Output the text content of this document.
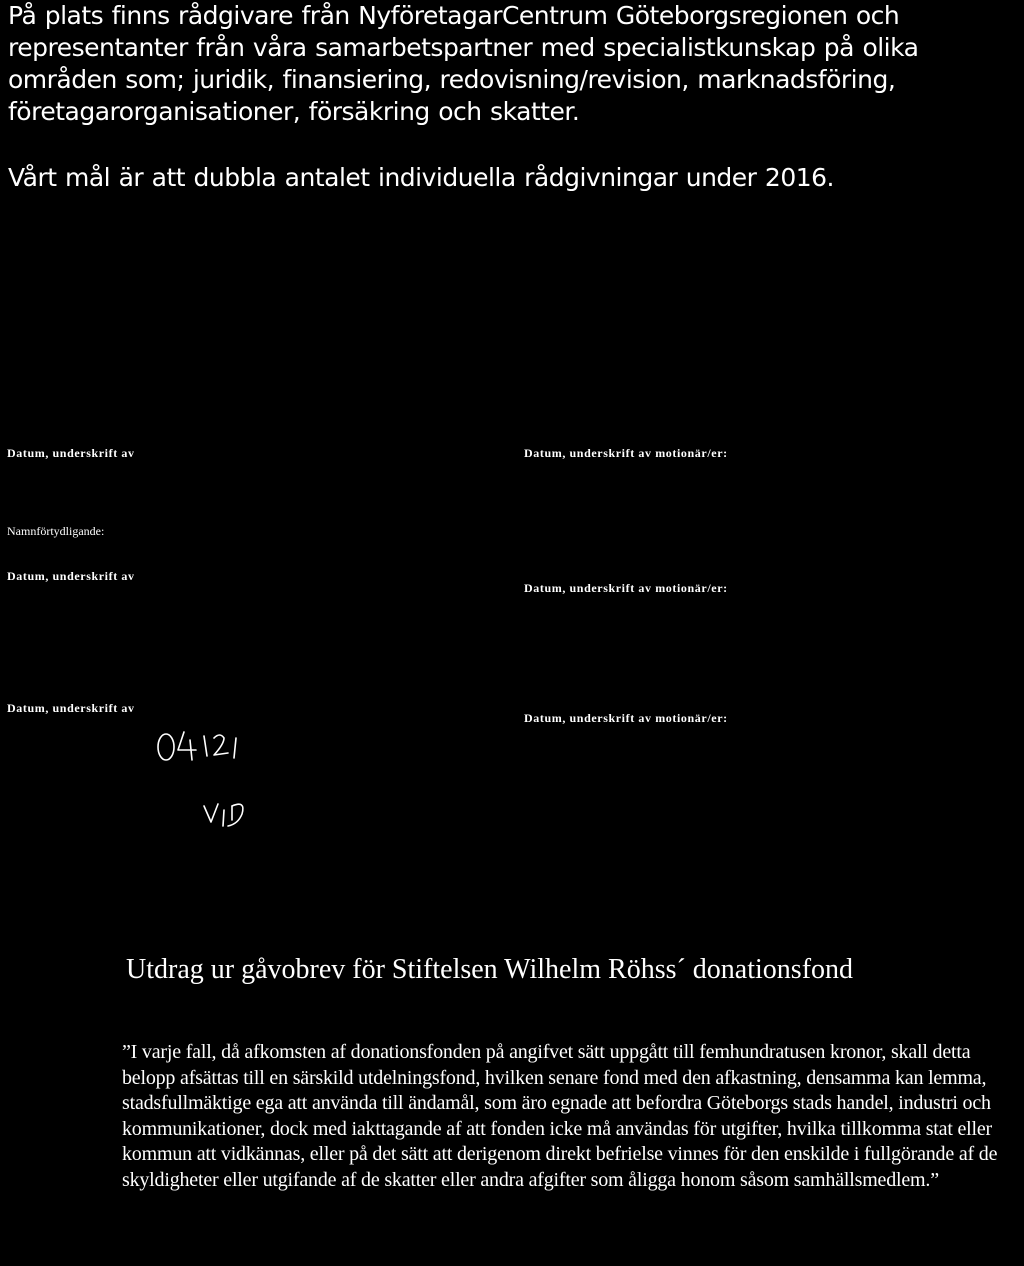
På plats finns rådgivare från NyföretagarCentrum Göteborgsregionen och representanter från våra samarbetspartner med specialistkunskap på olika områden som; juridik, finansiering, redovisning/revision, marknadsföring, företagarorganisationer, försäkring och skatter.

Vårt mål är att dubbla antalet individuella rådgivningar under 2016.

Datum, underskrift av	Datum, underskrift av motionär/er:
Namnförtydligande:
Datum, underskrift av
Datum, underskrift av motionär/er:
Datum, underskrift av
Datum, underskrift av motionär/er:
Utdrag ur gåvobrev för Stiftelsen Wilhelm Röhss´ donationsfond

”I varje fall, då afkomsten af donationsfonden på angifvet sätt uppgått till femhundratusen kronor, skall detta belopp afsättas till en särskild utdelningsfond, hvilken senare fond med den afkastning, densamma kan lemma, stadsfullmäktige ega att använda till ändamål, som äro egnade att befordra Göteborgs stads handel, industri och kommunikationer, dock med iakttagande af att fonden icke må användas för utgifter, hvilka tillkomma stat eller kommun att vidkännas, eller på det sätt att derigenom direkt befrielse vinnes för den enskilde i fullgörande af de skyldigheter eller utgifande af de skatter eller andra afgifter som åligga honom såsom samhällsmedlem.”
